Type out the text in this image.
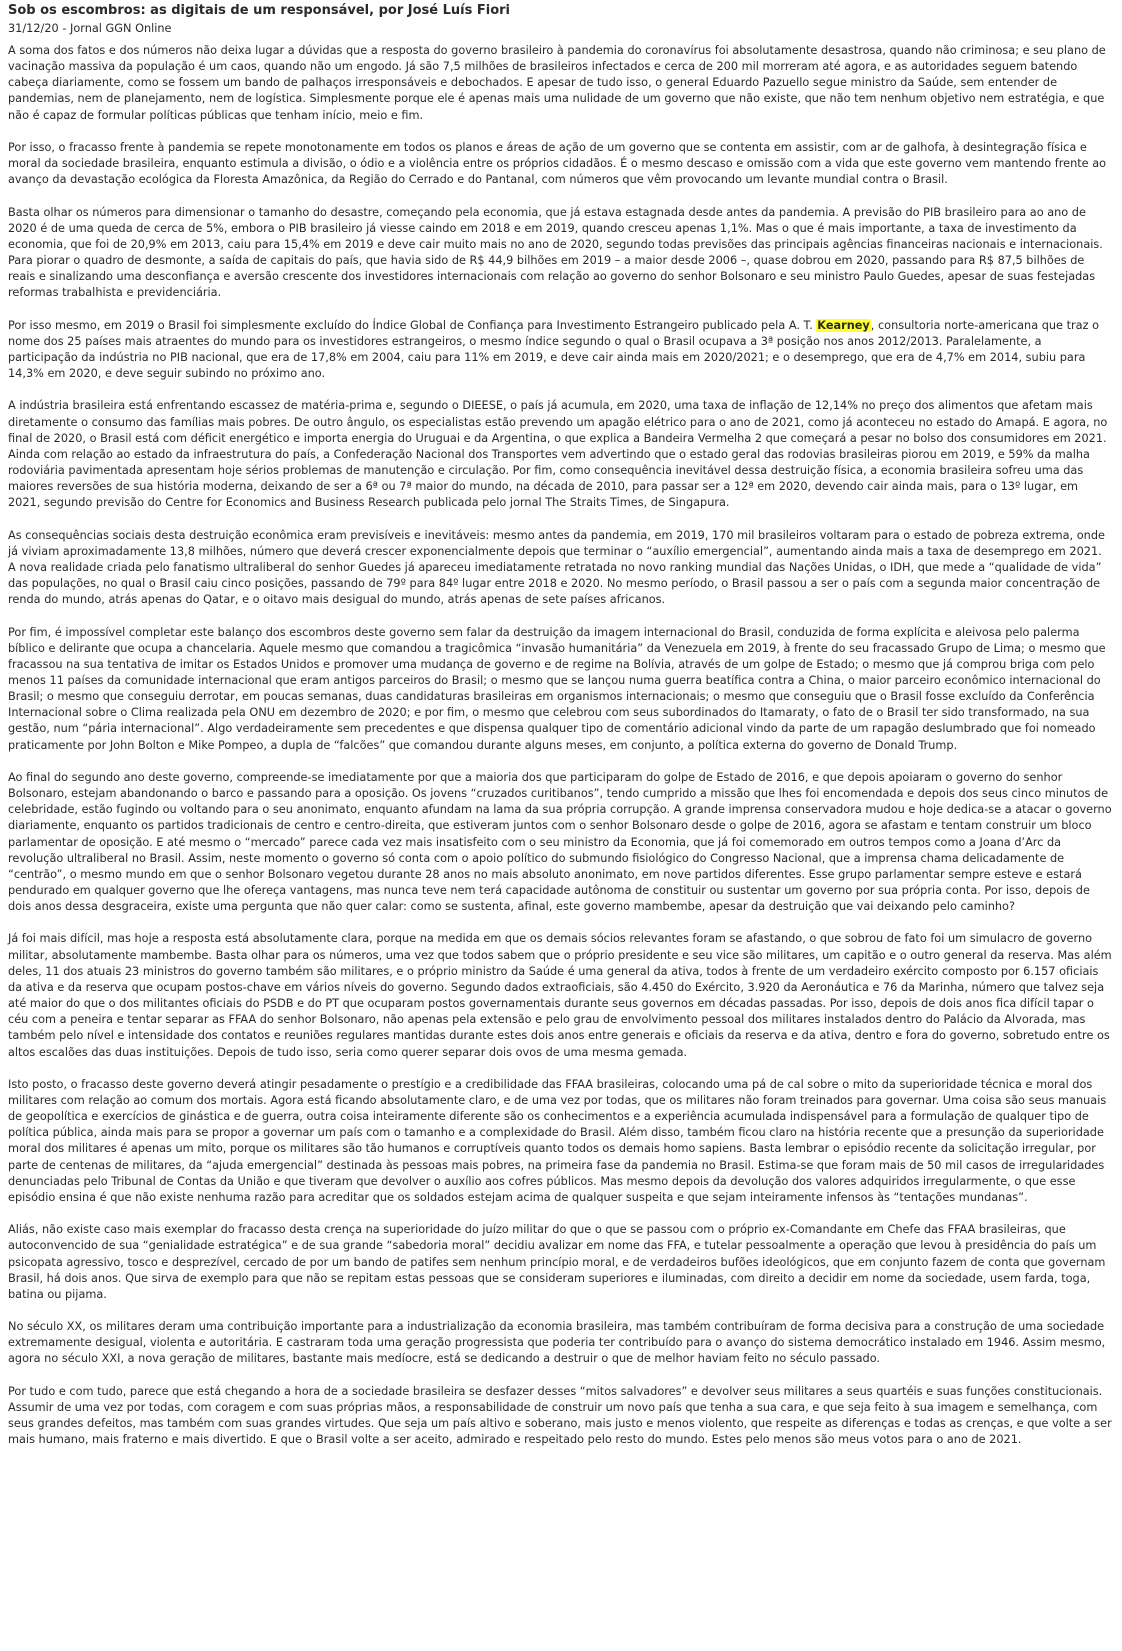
Sob os escombros: as digitais de um responsável, por José Luís Fiori
31/12/20 - Jornal GGN Online

A soma dos fatos e dos números não deixa lugar a dúvidas que a resposta do governo brasileiro à pandemia do coronavírus foi absolutamente desastrosa, quando não criminosa; e seu plano de vacinação massiva da população é um caos, quando não um engodo. Já são 7,5 milhões de brasileiros infectados e cerca de 200 mil morreram até agora, e as autoridades seguem batendo cabeça diariamente, como se fossem um bando de palhaços irresponsáveis e debochados. E apesar de tudo isso, o general Eduardo Pazuello segue ministro da Saúde, sem entender de pandemias, nem de planejamento, nem de logística. Simplesmente porque ele é apenas mais uma nulidade de um governo que não existe, que não tem nenhum objetivo nem estratégia, e que não é capaz de formular políticas públicas que tenham início, meio e fim.

Por isso, o fracasso frente à pandemia se repete monotonamente em todos os planos e áreas de ação de um governo que se contenta em assistir, com ar de galhofa, à desintegração física e moral da sociedade brasileira, enquanto estimula a divisão, o ódio e a violência entre os próprios cidadãos. É o mesmo descaso e omissão com a vida que este governo vem mantendo frente ao avanço da devastação ecológica da Floresta Amazônica, da Região do Cerrado e do Pantanal, com números que vêm provocando um levante mundial contra o Brasil.

Basta olhar os números para dimensionar o tamanho do desastre, começando pela economia, que já estava estagnada desde antes da pandemia. A previsão do PIB brasileiro para ao ano de 2020 é de uma queda de cerca de 5%, embora o PIB brasileiro já viesse caindo em 2018 e em 2019, quando cresceu apenas 1,1%. Mas o que é mais importante, a taxa de investimento da economia, que foi de 20,9% em 2013, caiu para 15,4% em 2019 e deve cair muito mais no ano de 2020, segundo todas previsões das principais agências financeiras nacionais e internacionais. Para piorar o quadro de desmonte, a saída de capitais do país, que havia sido de R$ 44,9 bilhões em 2019 – a maior desde 2006 –, quase dobrou em 2020, passando para R$ 87,5 bilhões de reais e sinalizando uma desconfiança e aversão crescente dos investidores internacionais com relação ao governo do senhor Bolsonaro e seu ministro Paulo Guedes, apesar de suas festejadas reformas trabalhista e previdenciária.

Por isso mesmo, em 2019 o Brasil foi simplesmente excluído do Índice Global de Confiança para Investimento Estrangeiro publicado pela A. T. Kearney, consultoria norte-americana que traz o nome dos 25 países mais atraentes do mundo para os investidores estrangeiros, o mesmo índice segundo o qual o Brasil ocupava a 3ª posição nos anos 2012/2013. Paralelamente, a participação da indústria no PIB nacional, que era de 17,8% em 2004, caiu para 11% em 2019, e deve cair ainda mais em 2020/2021; e o desemprego, que era de 4,7% em 2014, subiu para 14,3% em 2020, e deve seguir subindo no próximo ano.

A indústria brasileira está enfrentando escassez de matéria-prima e, segundo o DIEESE, o país já acumula, em 2020, uma taxa de inflação de 12,14% no preço dos alimentos que afetam mais diretamente o consumo das famílias mais pobres. De outro ângulo, os especialistas estão prevendo um apagão elétrico para o ano de 2021, como já aconteceu no estado do Amapá. E agora, no final de 2020, o Brasil está com déficit energético e importa energia do Uruguai e da Argentina, o que explica a Bandeira Vermelha 2 que começará a pesar no bolso dos consumidores em 2021. Ainda com relação ao estado da infraestrutura do país, a Confederação Nacional dos Transportes vem advertindo que o estado geral das rodovias brasileiras piorou em 2019, e 59% da malha rodoviária pavimentada apresentam hoje sérios problemas de manutenção e circulação. Por fim, como consequência inevitável dessa destruição física, a economia brasileira sofreu uma das maiores reversões de sua história moderna, deixando de ser a 6ª ou 7ª maior do mundo, na década de 2010, para passar ser a 12ª em 2020, devendo cair ainda mais, para o 13º lugar, em 2021, segundo previsão do Centre for Economics and Business Research publicada pelo jornal The Straits Times, de Singapura.

As consequências sociais desta destruição econômica eram previsíveis e inevitáveis: mesmo antes da pandemia, em 2019, 170 mil brasileiros voltaram para o estado de pobreza extrema, onde já viviam aproximadamente 13,8 milhões, número que deverá crescer exponencialmente depois que terminar o “auxílio emergencial”, aumentando ainda mais a taxa de desemprego em 2021. A nova realidade criada pelo fanatismo ultraliberal do senhor Guedes já apareceu imediatamente retratada no novo ranking mundial das Nações Unidas, o IDH, que mede a “qualidade de vida” das populações, no qual o Brasil caiu cinco posições, passando de 79º para 84º lugar entre 2018 e 2020. No mesmo período, o Brasil passou a ser o país com a segunda maior concentração de renda do mundo, atrás apenas do Qatar, e o oitavo mais desigual do mundo, atrás apenas de sete países africanos.

Por fim, é impossível completar este balanço dos escombros deste governo sem falar da destruição da imagem internacional do Brasil, conduzida de forma explícita e aleivosa pelo palerma bíblico e delirante que ocupa a chancelaria. Aquele mesmo que comandou a tragicômica “invasão humanitária” da Venezuela em 2019, à frente do seu fracassado Grupo de Lima; o mesmo que fracassou na sua tentativa de imitar os Estados Unidos e promover uma mudança de governo e de regime na Bolívia, através de um golpe de Estado; o mesmo que já comprou briga com pelo menos 11 países da comunidade internacional que eram antigos parceiros do Brasil; o mesmo que se lançou numa guerra beatífica contra a China, o maior parceiro econômico internacional do Brasil; o mesmo que conseguiu derrotar, em poucas semanas, duas candidaturas brasileiras em organismos internacionais; o mesmo que conseguiu que o Brasil fosse excluído da Conferência Internacional sobre o Clima realizada pela ONU em dezembro de 2020; e por fim, o mesmo que celebrou com seus subordinados do Itamaraty, o fato de o Brasil ter sido transformado, na sua gestão, num “pária internacional”. Algo verdadeiramente sem precedentes e que dispensa qualquer tipo de comentário adicional vindo da parte de um rapagão deslumbrado que foi nomeado praticamente por John Bolton e Mike Pompeo, a dupla de “falcões” que comandou durante alguns meses, em conjunto, a política externa do governo de Donald Trump.

Ao final do segundo ano deste governo, compreende-se imediatamente por que a maioria dos que participaram do golpe de Estado de 2016, e que depois apoiaram o governo do senhor Bolsonaro, estejam abandonando o barco e passando para a oposição. Os jovens “cruzados curitibanos”, tendo cumprido a missão que lhes foi encomendada e depois dos seus cinco minutos de celebridade, estão fugindo ou voltando para o seu anonimato, enquanto afundam na lama da sua própria corrupção. A grande imprensa conservadora mudou e hoje dedica-se a atacar o governo diariamente, enquanto os partidos tradicionais de centro e centro-direita, que estiveram juntos com o senhor Bolsonaro desde o golpe de 2016, agora se afastam e tentam construir um bloco parlamentar de oposição. E até mesmo o “mercado” parece cada vez mais insatisfeito com o seu ministro da Economia, que já foi comemorado em outros tempos como a Joana d’Arc da revolução ultraliberal no Brasil. Assim, neste momento o governo só conta com o apoio político do submundo fisiológico do Congresso Nacional, que a imprensa chama delicadamente de “centrão”, o mesmo mundo em que o senhor Bolsonaro vegetou durante 28 anos no mais absoluto anonimato, em nove partidos diferentes. Esse grupo parlamentar sempre esteve e estará pendurado em qualquer governo que lhe ofereça vantagens, mas nunca teve nem terá capacidade autônoma de constituir ou sustentar um governo por sua própria conta. Por isso, depois de dois anos dessa desgraceira, existe uma pergunta que não quer calar: como se sustenta, afinal, este governo mambembe, apesar da destruição que vai deixando pelo caminho?

Já foi mais difícil, mas hoje a resposta está absolutamente clara, porque na medida em que os demais sócios relevantes foram se afastando, o que sobrou de fato foi um simulacro de governo militar, absolutamente mambembe. Basta olhar para os números, uma vez que todos sabem que o próprio presidente e seu vice são militares, um capitão e o outro general da reserva. Mas além deles, 11 dos atuais 23 ministros do governo também são militares, e o próprio ministro da Saúde é uma general da ativa, todos à frente de um verdadeiro exército composto por 6.157 oficiais da ativa e da reserva que ocupam postos-chave em vários níveis do governo. Segundo dados extraoficiais, são 4.450 do Exército, 3.920 da Aeronáutica e 76 da Marinha, número que talvez seja até maior do que o dos militantes oficiais do PSDB e do PT que ocuparam postos governamentais durante seus governos em décadas passadas. Por isso, depois de dois anos fica difícil tapar o céu com a peneira e tentar separar as FFAA do senhor Bolsonaro, não apenas pela extensão e pelo grau de envolvimento pessoal dos militares instalados dentro do Palácio da Alvorada, mas também pelo nível e intensidade dos contatos e reuniões regulares mantidas durante estes dois anos entre generais e oficiais da reserva e da ativa, dentro e fora do governo, sobretudo entre os altos escalões das duas instituições. Depois de tudo isso, seria como querer separar dois ovos de uma mesma gemada.

Isto posto, o fracasso deste governo deverá atingir pesadamente o prestígio e a credibilidade das FFAA brasileiras, colocando uma pá de cal sobre o mito da superioridade técnica e moral dos militares com relação ao comum dos mortais. Agora está ficando absolutamente claro, e de uma vez por todas, que os militares não foram treinados para governar. Uma coisa são seus manuais de geopolítica e exercícios de ginástica e de guerra, outra coisa inteiramente diferente são os conhecimentos e a experiência acumulada indispensável para a formulação de qualquer tipo de política pública, ainda mais para se propor a governar um país com o tamanho e a complexidade do Brasil. Além disso, também ficou claro na história recente que a presunção da superioridade moral dos militares é apenas um mito, porque os militares são tão humanos e corruptíveis quanto todos os demais homo sapiens. Basta lembrar o episódio recente da solicitação irregular, por parte de centenas de militares, da “ajuda emergencial” destinada às pessoas mais pobres, na primeira fase da pandemia no Brasil. Estima-se que foram mais de 50 mil casos de irregularidades denunciadas pelo Tribunal de Contas da União e que tiveram que devolver o auxílio aos cofres públicos. Mas mesmo depois da devolução dos valores adquiridos irregularmente, o que esse episódio ensina é que não existe nenhuma razão para acreditar que os soldados estejam acima de qualquer suspeita e que sejam inteiramente infensos às “tentações mundanas”.

Aliás, não existe caso mais exemplar do fracasso desta crença na superioridade do juízo militar do que o que se passou com o próprio ex-Comandante em Chefe das FFAA brasileiras, que autoconvencido de sua “genialidade estratégica” e de sua grande “sabedoria moral” decidiu avalizar em nome das FFA, e tutelar pessoalmente a operação que levou à presidência do país um psicopata agressivo, tosco e desprezível, cercado de por um bando de patifes sem nenhum princípio moral, e de verdadeiros bufões ideológicos, que em conjunto fazem de conta que governam Brasil, há dois anos. Que sirva de exemplo para que não se repitam estas pessoas que se consideram superiores e iluminadas, com direito a decidir em nome da sociedade, usem farda, toga, batina ou pijama.

No século XX, os militares deram uma contribuição importante para a industrialização da economia brasileira, mas também contribuíram de forma decisiva para a construção de uma sociedade extremamente desigual, violenta e autoritária. E castraram toda uma geração progressista que poderia ter contribuído para o avanço do sistema democrático instalado em 1946. Assim mesmo, agora no século XXI, a nova geração de militares, bastante mais medíocre, está se dedicando a destruir o que de melhor haviam feito no século passado.

Por tudo e com tudo, parece que está chegando a hora de a sociedade brasileira se desfazer desses “mitos salvadores” e devolver seus militares a seus quartéis e suas funções constitucionais. Assumir de uma vez por todas, com coragem e com suas próprias mãos, a responsabilidade de construir um novo país que tenha a sua cara, e que seja feito à sua imagem e semelhança, com seus grandes defeitos, mas também com suas grandes virtudes. Que seja um país altivo e soberano, mais justo e menos violento, que respeite as diferenças e todas as crenças, e que volte a ser mais humano, mais fraterno e mais divertido. E que o Brasil volte a ser aceito, admirado e respeitado pelo resto do mundo. Estes pelo menos são meus votos para o ano de 2021.
